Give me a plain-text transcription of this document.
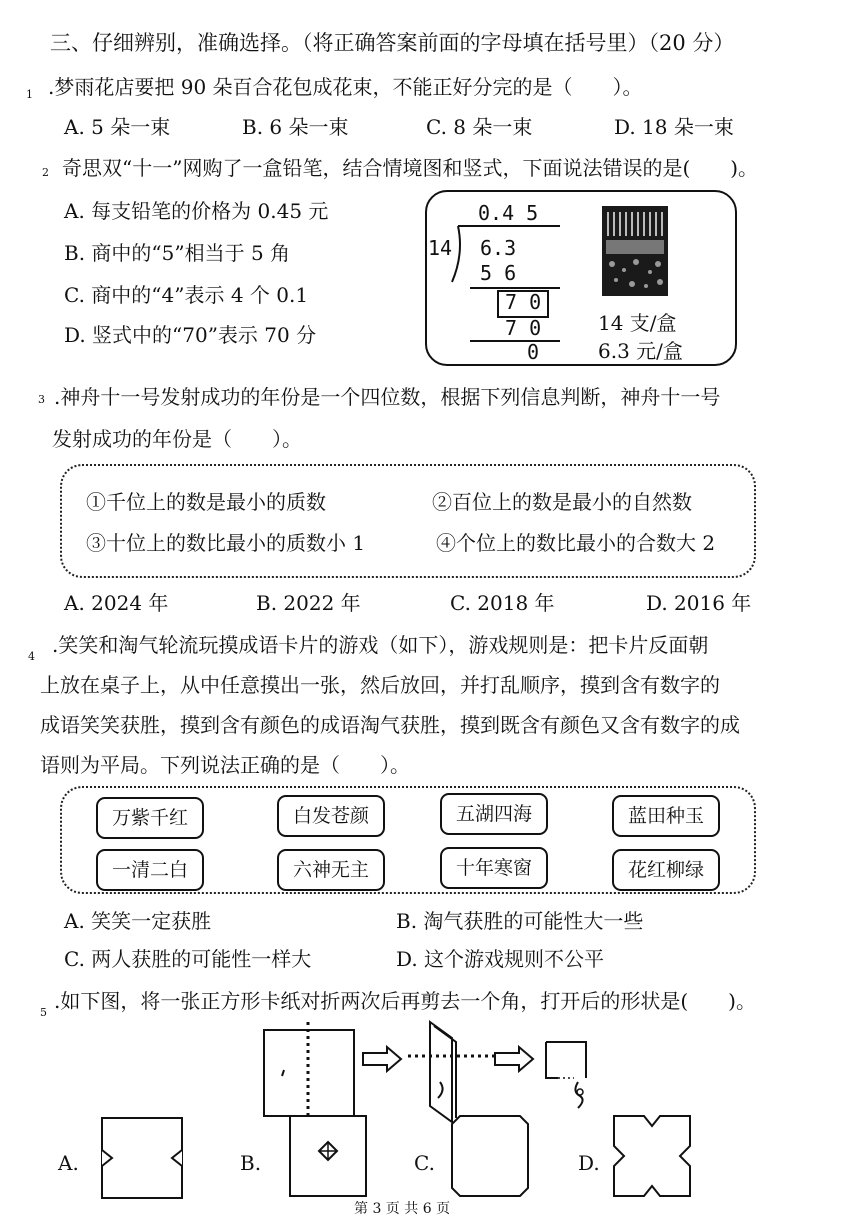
三、仔细辨别，准确选择。（将正确答案前面的字母填在括号里）（20 分）
1 .梦雨花店要把 90 朵百合花包成花束，不能正好分完的是（　　）。
A. 5 朵一束	B. 6 朵一束	C. 8 朵一束	D. 18 朵一束
2 奇思双“十一”网购了一盒铅笔，结合情境图和竖式，下面说法错误的是(　　)。
A. 每支铅笔的价格为 0.45 元
B. 商中的“5”相当于 5 角
C. 商中的“4”表示 4 个 0.1
D. 竖式中的“70”表示 70 分
0.4 5
14 6.3
5 6
7 0
7 0
0
14 支/盒
6.3 元/盒
3 .神舟十一号发射成功的年份是一个四位数，根据下列信息判断，神舟十一号
发射成功的年份是（　　）。
①千位上的数是最小的质数	②百位上的数是最小的自然数
③十位上的数比最小的质数小 1	④个位上的数比最小的合数大 2
A. 2024 年	B. 2022 年	C. 2018 年	D. 2016 年
4 .笑笑和淘气轮流玩摸成语卡片的游戏（如下），游戏规则是：把卡片反面朝
上放在桌子上，从中任意摸出一张，然后放回，并打乱顺序，摸到含有数字的
成语笑笑获胜，摸到含有颜色的成语淘气获胜，摸到既含有颜色又含有数字的成
语则为平局。下列说法正确的是（　　）。
万紫千红	白发苍颜	五湖四海	蓝田种玉
一清二白	六神无主	十年寒窗	花红柳绿
A. 笑笑一定获胜	B. 淘气获胜的可能性大一些
C. 两人获胜的可能性一样大	D. 这个游戏规则不公平
5 .如下图，将一张正方形卡纸对折两次后再剪去一个角，打开后的形状是(　　)。
A.	B.	C.	D.
第 3 页 共 6 页
